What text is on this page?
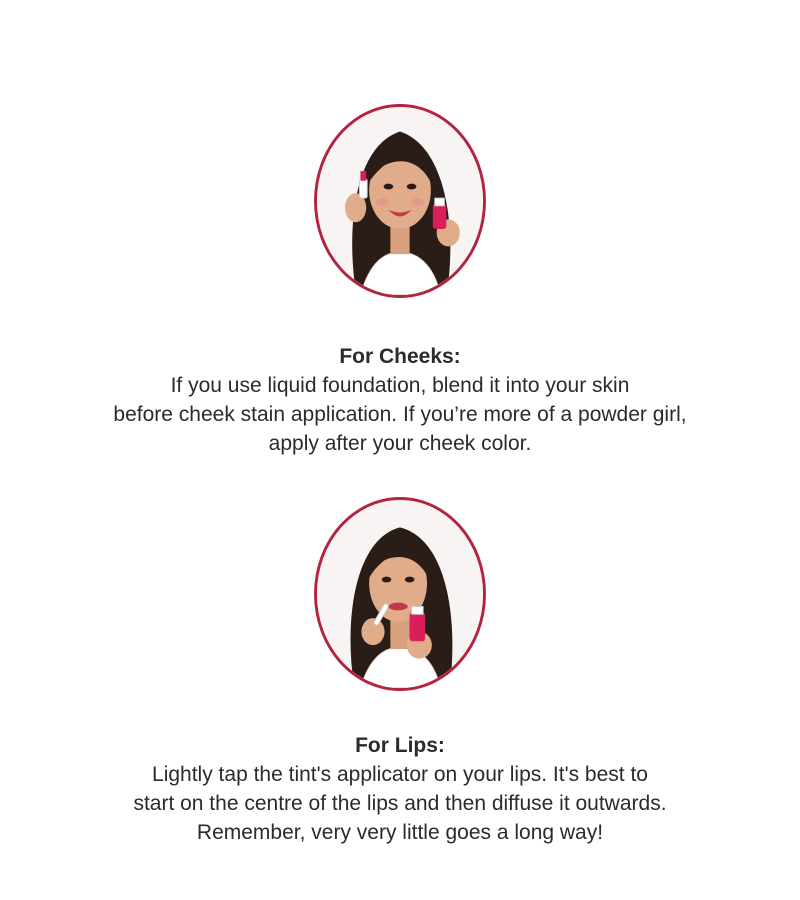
For Cheeks:

If you use liquid foundation, blend it into your skin

before cheek stain application. If you’re more of a powder girl,

apply after your cheek color.

For Lips:

Lightly tap the tint's applicator on your lips. It's best to

start on the centre of the lips and then diffuse it outwards.

Remember, very very little goes a long way!
